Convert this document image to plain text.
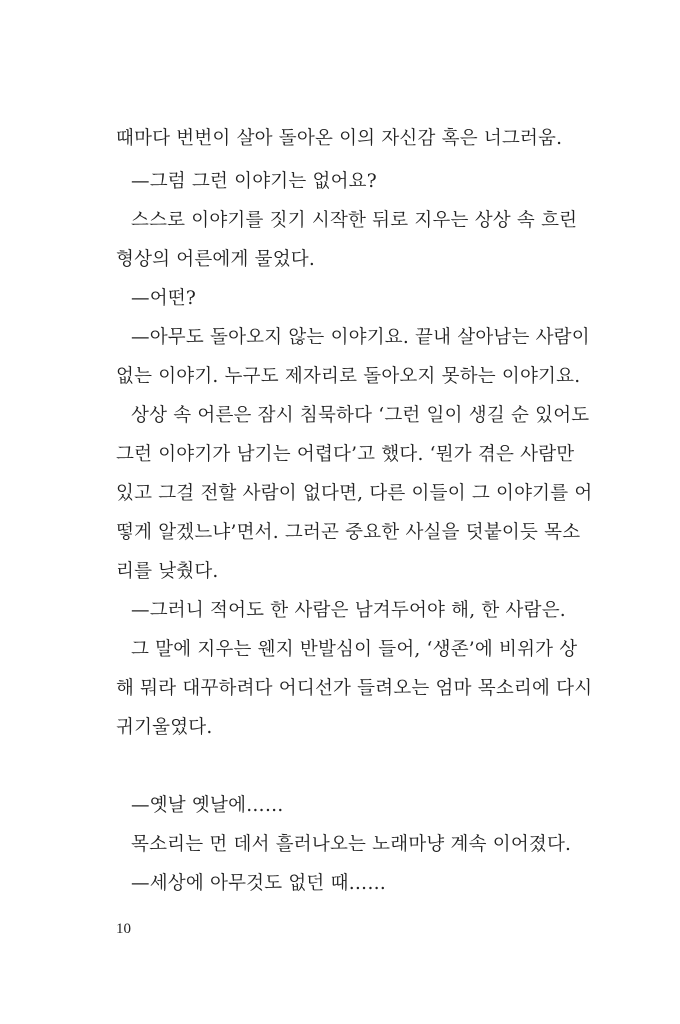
때마다 번번이 살아 돌아온 이의 자신감 혹은 너그러움.
—그럼 그런 이야기는 없어요?
스스로 이야기를 짓기 시작한 뒤로 지우는 상상 속 흐린
형상의 어른에게 물었다.
—어떤?
—아무도 돌아오지 않는 이야기요. 끝내 살아남는 사람이
없는 이야기. 누구도 제자리로 돌아오지 못하는 이야기요.
상상 속 어른은 잠시 침묵하다 ‘그런 일이 생길 순 있어도
그런 이야기가 남기는 어렵다’고 했다. ‘뭔가 겪은 사람만
있고 그걸 전할 사람이 없다면, 다른 이들이 그 이야기를 어
떻게 알겠느냐’면서. 그러곤 중요한 사실을 덧붙이듯 목소
리를 낮췄다.
—그러니 적어도 한 사람은 남겨두어야 해, 한 사람은.
그 말에 지우는 웬지 반발심이 들어, ‘생존’에 비위가 상
해 뭐라 대꾸하려다 어디선가 들려오는 엄마 목소리에 다시
귀기울였다.
—옛날 옛날에……
목소리는 먼 데서 흘러나오는 노래마냥 계속 이어졌다.
—세상에 아무것도 없던 때……
10
